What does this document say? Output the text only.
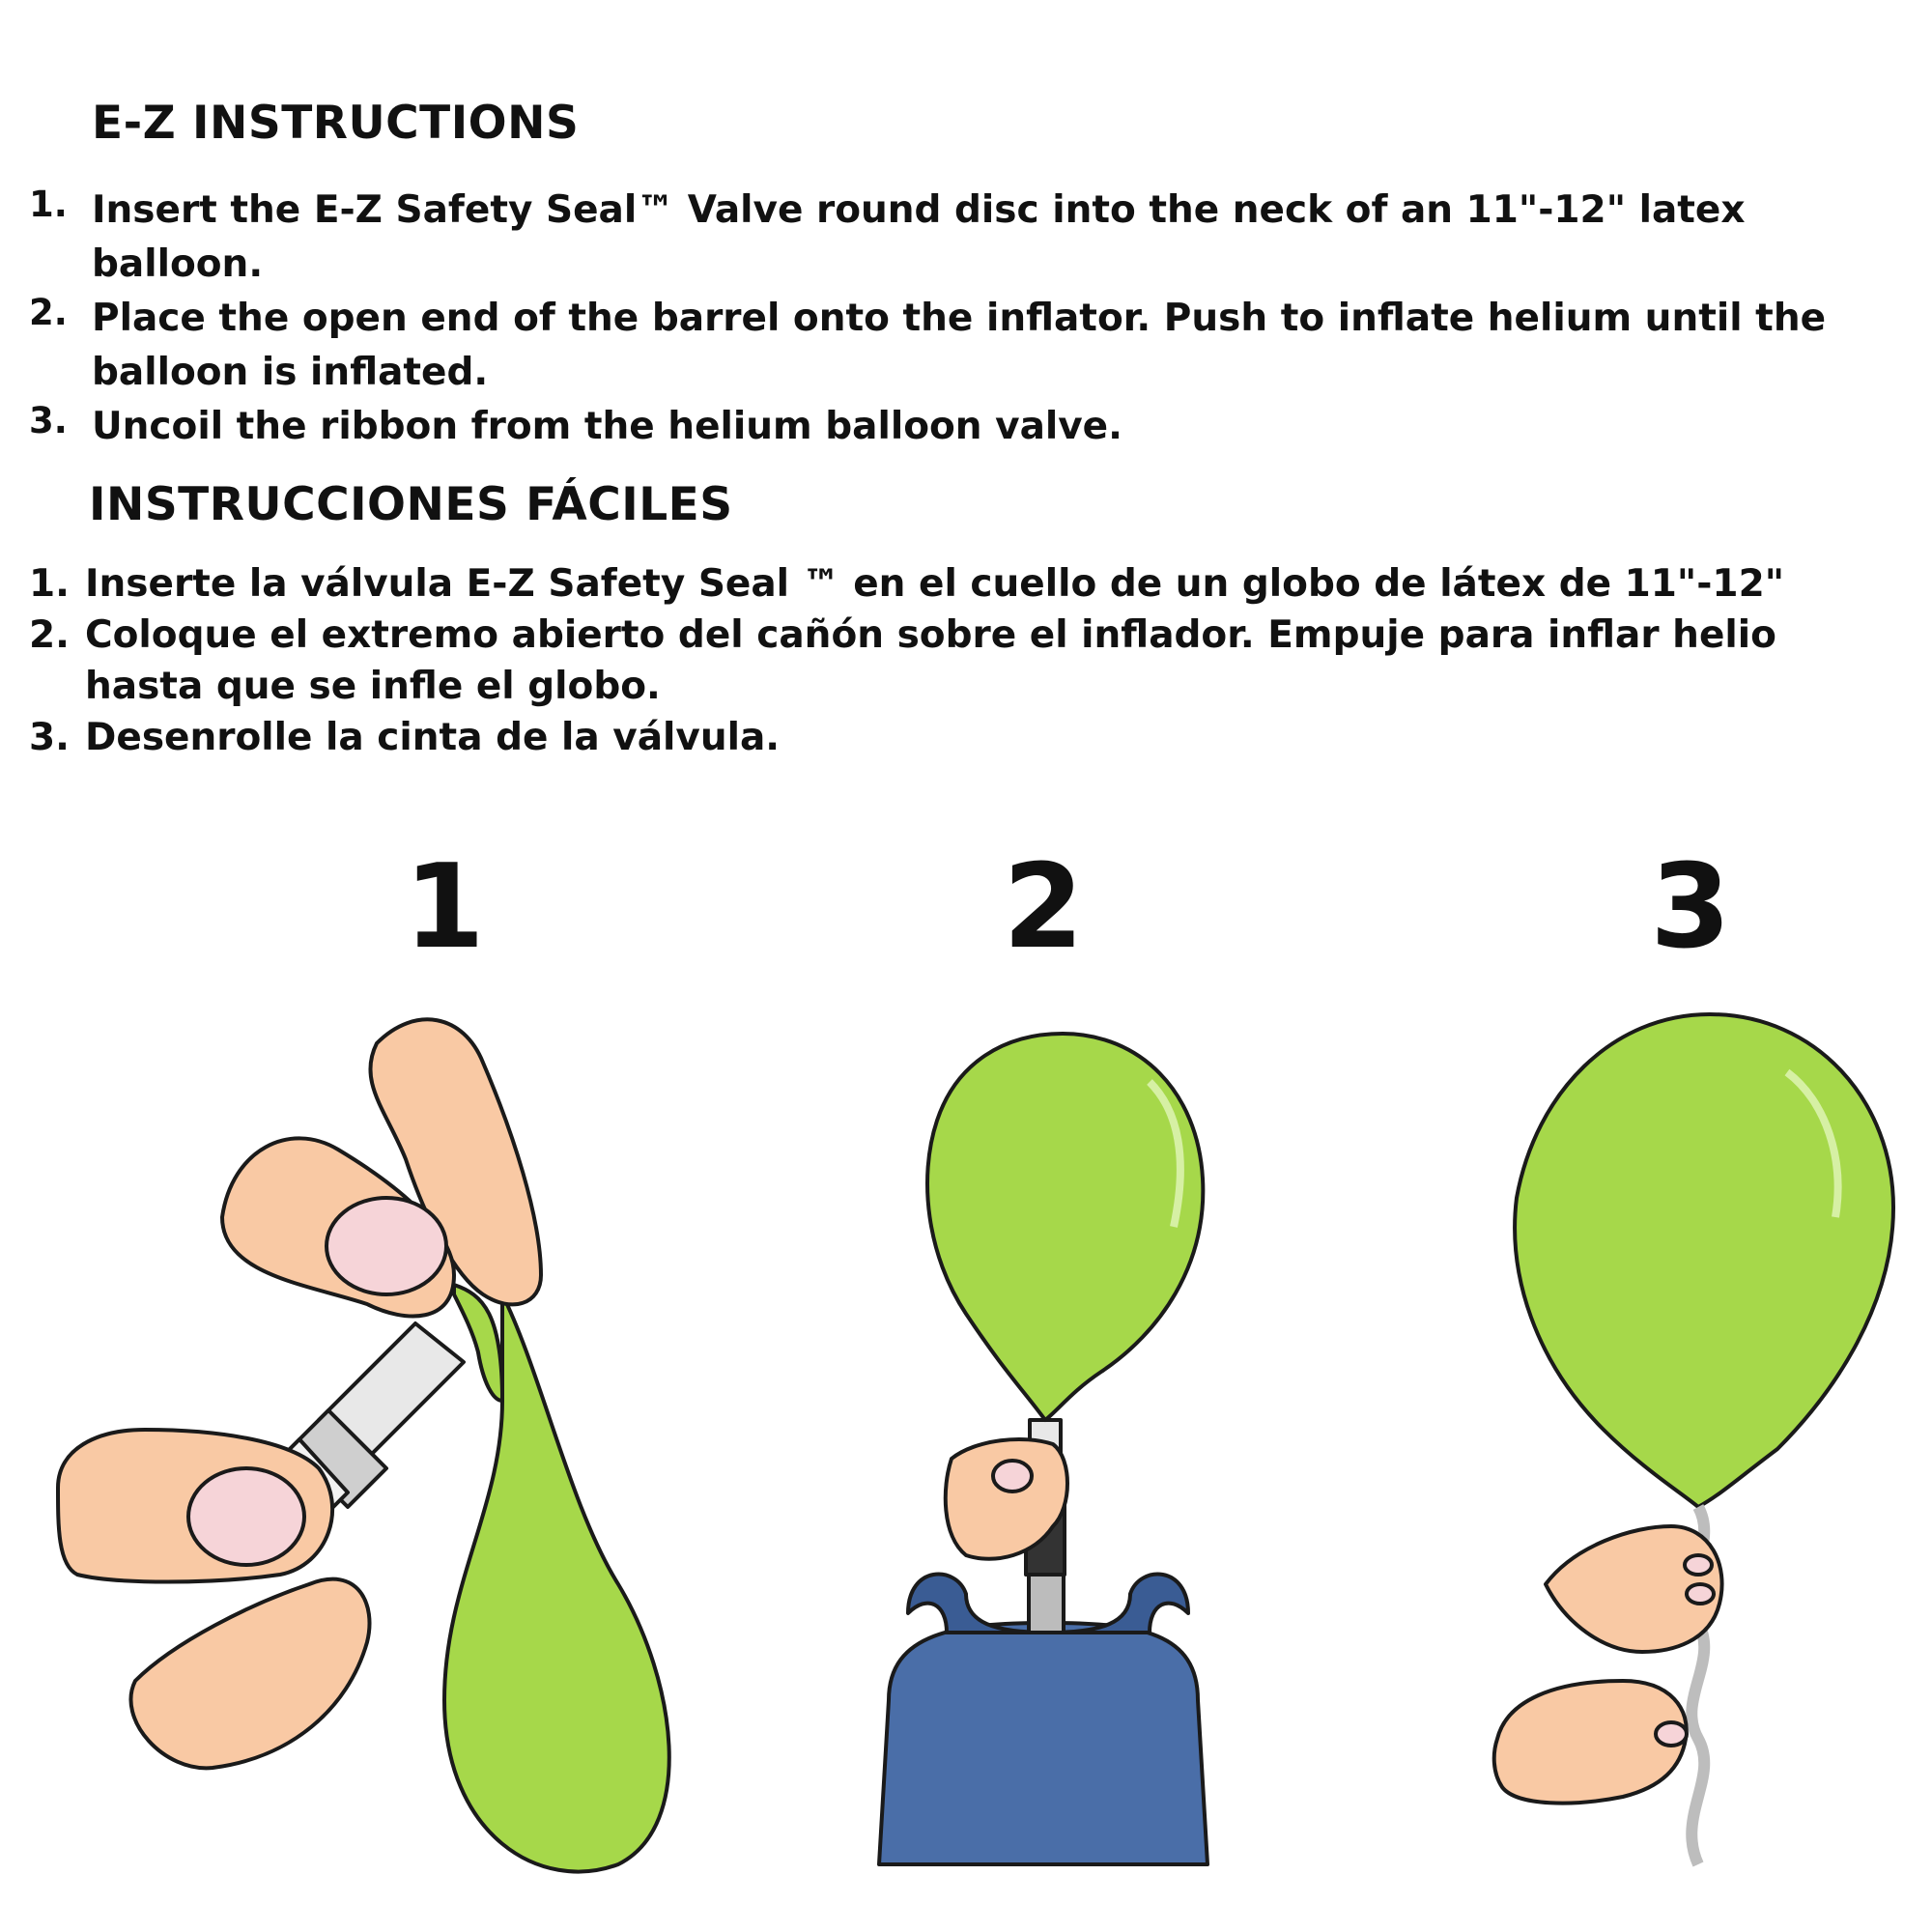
E-Z INSTRUCTIONS
1. Insert the E-Z Safety Seal™ Valve round disc into the neck of an 11"-12" latex balloon.
2. Place the open end of the barrel onto the inflator. Push to inflate helium until the balloon is inflated.
3. Uncoil the ribbon from the helium balloon valve.
INSTRUCCIONES FÁCILES
1. Inserte la válvula E-Z Safety Seal ™ en el cuello de un globo de látex de 11"-12"
2. Coloque el extremo abierto del cañón sobre el inflador. Empuje para inflar helio hasta que se infle el globo.
3. Desenrolle la cinta de la válvula.
1	2	3
